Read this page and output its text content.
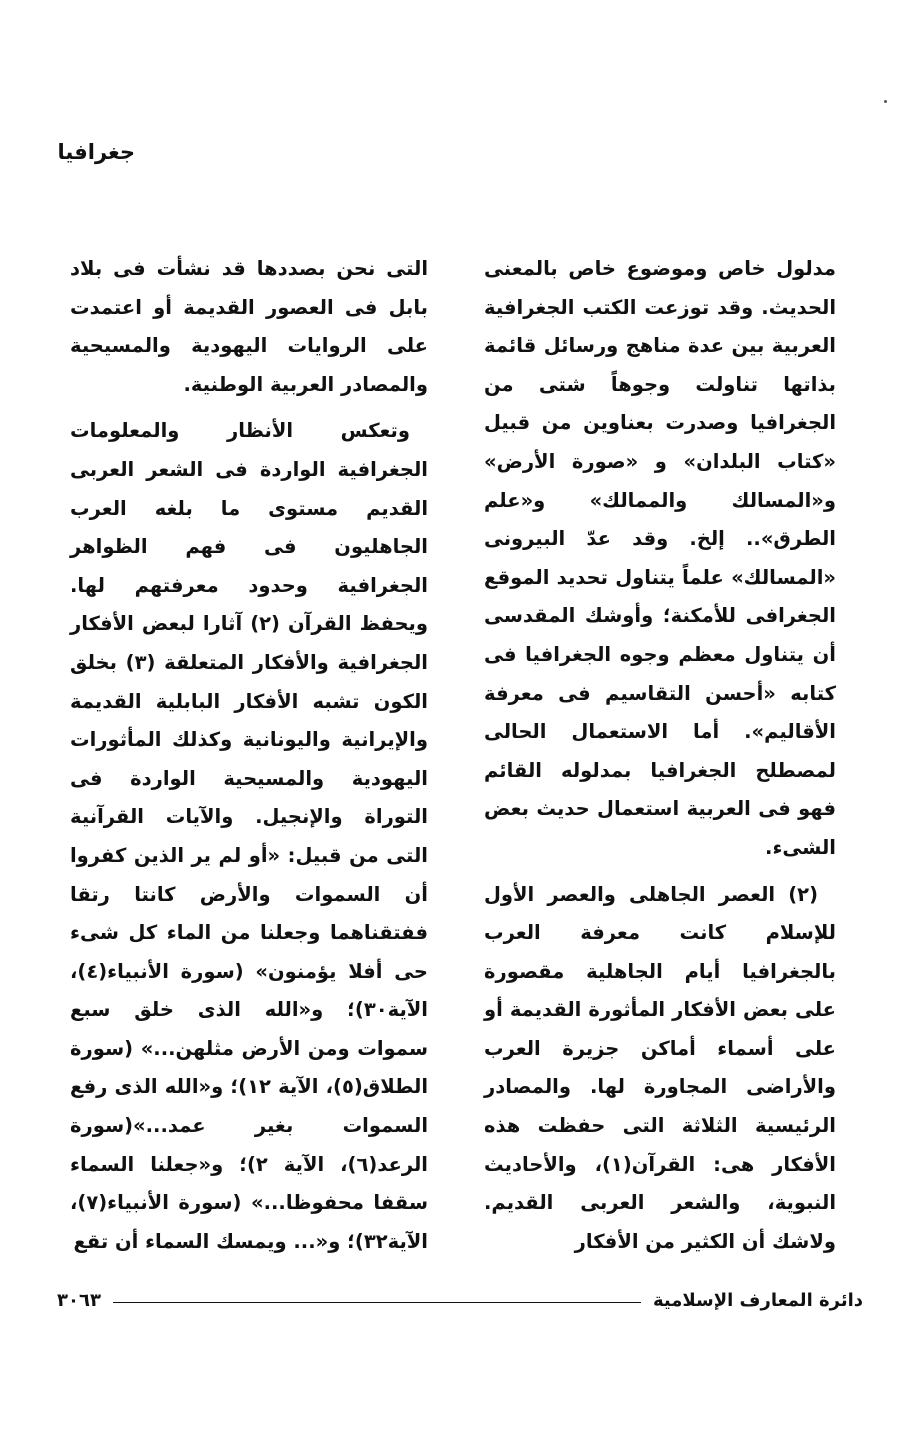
جغرافيا

مدلول خاص وموضوع خاص بالمعنى الحديث. وقد توزعت الكتب الجغرافية العربية بين عدة مناهج ورسائل قائمة بذاتها تناولت وجوهاً شتى من الجغرافيا وصدرت بعناوين من قبيل «كتاب البلدان» و «صورة الأرض» و«المسالك والممالك» و«علم الطرق».. إلخ. وقد عدّ البيرونى «المسالك» علماً يتناول تحديد الموقع الجغرافى للأمكنة؛ وأوشك المقدسى أن يتناول معظم وجوه الجغرافيا فى كتابه «أحسن التقاسيم فى معرفة الأقاليم». أما الاستعمال الحالى لمصطلح الجغرافيا بمدلوله القائم فهو فى العربية استعمال حديث بعض الشىء.

(٢) العصر الجاهلى والعصر الأول للإسلام كانت معرفة العرب بالجغرافيا أيام الجاهلية مقصورة على بعض الأفكار المأثورة القديمة أو على أسماء أماكن جزيرة العرب والأراضى المجاورة لها. والمصادر الرئيسية الثلاثة التى حفظت هذه الأفكار هى: القرآن(١)، والأحاديث النبوية، والشعر العربى القديم. ولاشك أن الكثير من الأفكار

التى نحن بصددها قد نشأت فى بلاد بابل فى العصور القديمة أو اعتمدت على الروايات اليهودية والمسيحية والمصادر العربية الوطنية.

وتعكس الأنظار والمعلومات الجغرافية الواردة فى الشعر العربى القديم مستوى ما بلغه العرب الجاهليون فى فهم الظواهر الجغرافية وحدود معرفتهم لها. ويحفظ القرآن (٢) آثارا لبعض الأفكار الجغرافية والأفكار المتعلقة (٣) بخلق الكون تشبه الأفكار البابلية القديمة والإيرانية واليونانية وكذلك المأثورات اليهودية والمسيحية الواردة فى التوراة والإنجيل. والآيات القرآنية التى من قبيل: «أو لم ير الذين كفروا أن السموات والأرض كانتا رتقا ففتقناهما وجعلنا من الماء كل شىء حى أفلا يؤمنون» (سورة الأنبياء(٤)، الآية٣٠)؛ و«الله الذى خلق سبع سموات ومن الأرض مثلهن...» (سورة الطلاق(٥)، الآية ١٢)؛ و«الله الذى رفع السموات بغير عمد...»(سورة الرعد(٦)، الآية ٢)؛ و«جعلنا السماء سقفا محفوظا...» (سورة الأنبياء(٧)، الآية٣٢)؛ و«... ويمسك السماء أن تقع

دائرة المعارف الإسلامية
٣٠٦٣
